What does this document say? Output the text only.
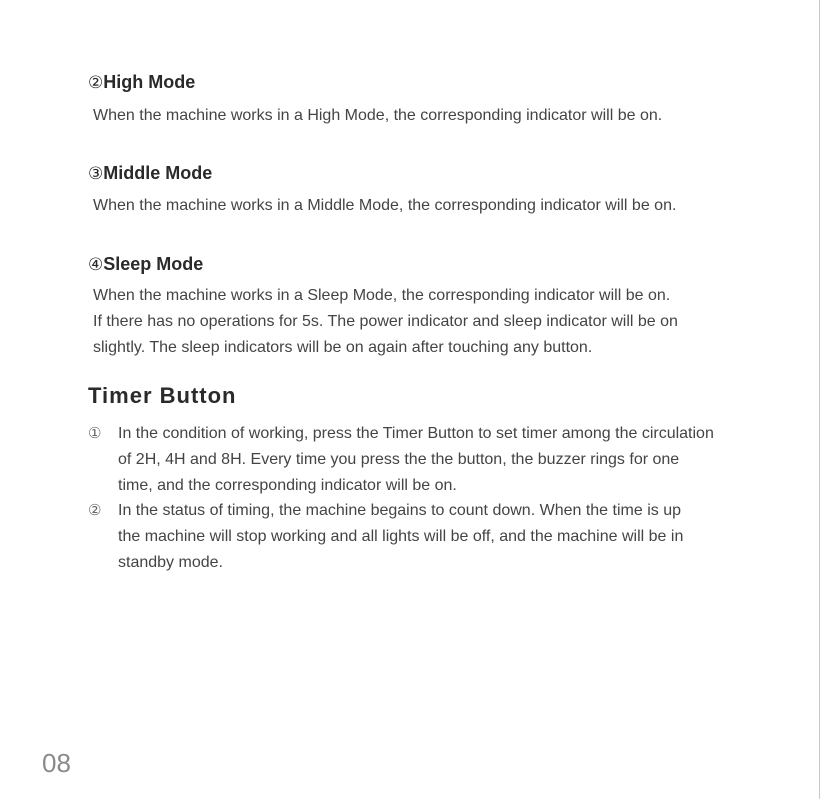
②High Mode
When the machine works in a High Mode, the corresponding indicator will be on.
③Middle Mode
When the machine works in a Middle Mode, the corresponding indicator will be on.
④Sleep Mode
When the machine works in a Sleep Mode, the corresponding indicator will be on.
If there has no operations for 5s. The power indicator and sleep indicator will be on
slightly. The sleep indicators will be on again after touching any button.
Timer Button
①	In the condition of working, press the Timer Button to set timer among the circulation
of 2H, 4H and 8H. Every time you press the the button, the buzzer rings for one
time, and the corresponding indicator will be on.
②	In the status of timing, the machine begains to count down. When the time is up
the machine will stop working and all lights will be off, and the machine will be in
standby mode.
08
